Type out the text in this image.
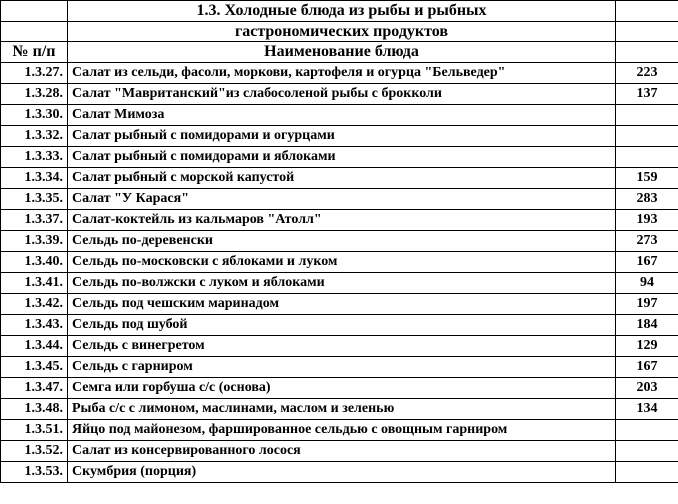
	1.3. Холодные блюда из рыбы и рыбных	
	гастрономических продуктов	
№ п/п	Наименование блюда	
1.3.27.	Салат из сельди, фасоли, моркови, картофеля и огурца "Бельведер"	223
1.3.28.	Салат "Мавританский"из слабосоленой рыбы с брокколи	137
1.3.30.	Салат Мимоза	
1.3.32.	Салат рыбный с помидорами и огурцами	
1.3.33.	Салат рыбный с помидорами и яблоками	
1.3.34.	Салат рыбный с морской капустой	159
1.3.35.	Салат "У Карася"	283
1.3.37.	Салат-коктейль из кальмаров "Атолл"	193
1.3.39.	Сельдь по-деревенски	273
1.3.40.	Сельдь по-московски с яблоками и луком	167
1.3.41.	Сельдь по-волжски с луком и яблоками	94
1.3.42.	Сельдь под чешским маринадом	197
1.3.43.	Сельдь под шубой	184
1.3.44.	Сельдь с винегретом	129
1.3.45.	Сельдь с гарниром	167
1.3.47.	Семга или горбуша с/с (основа)	203
1.3.48.	Рыба с/с с лимоном, маслинами, маслом и зеленью	134
1.3.51.	Яйцо под майонезом, фаршированное сельдью с овощным гарниром	
1.3.52.	Салат из консервированного лосося	
1.3.53.	Скумбрия (порция)	
